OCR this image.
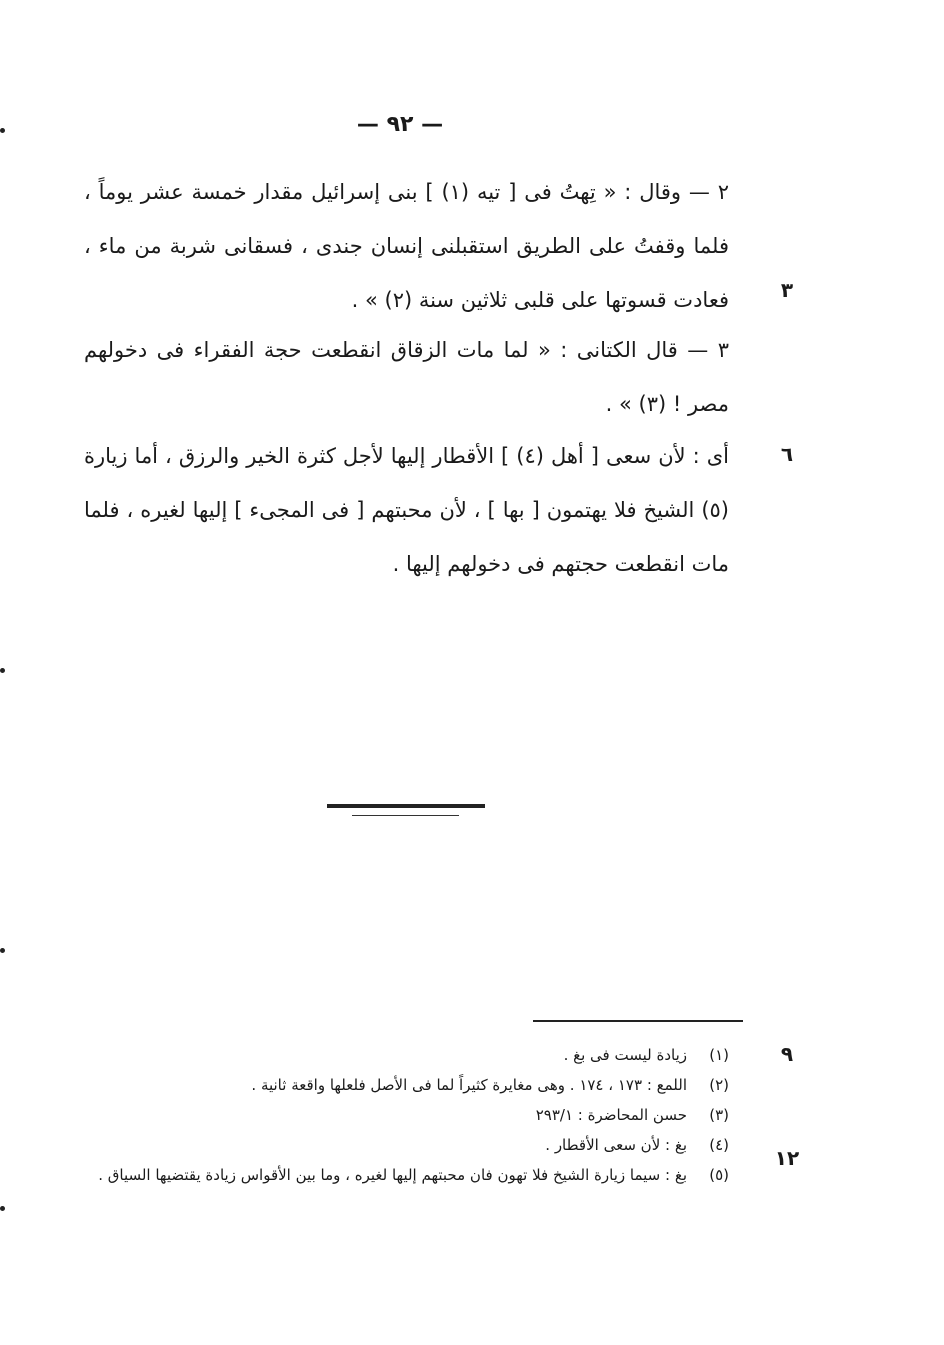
— ٩٢ —
٢ — وقال : « تِهتُ فى [ تيه (١) ] بنى إسرائيل مقدار خمسة عشر يوماً ، فلما وقفتُ على الطريق استقبلنى إنسان جندى ، فسقانى شربة من ماء ، فعادت قسوتها على قلبى ثلاثين سنة (٢) » .
٣ — قال الكتانى : « لما مات الزقاق انقطعت حجة الفقراء فى دخولهم مصر ! (٣) » .
أى : لأن سعى [ أهل (٤) ] الأقطار إليها لأجل كثرة الخير والرزق ، أما زيارة (٥) الشيخ فلا يهتمون [ بها ] ، لأن محبتهم [ فى المجىء ] إليها لغيره ، فلما مات انقطعت حجتهم فى دخولهم إليها .
٣
٦
٩
١٢
(١)
زيادة ليست فى بغ .
(٢)
اللمع : ١٧٣ ، ١٧٤ . وهى مغايرة كثيراً لما فى الأصل فلعلها واقعة ثانية .
(٣)
حسن المحاضرة : ٢٩٣/١
(٤)
بغ : لأن سعى الأقطار .
(٥)
بغ : سيما زيارة الشيخ فلا تهون فان محبتهم إليها لغيره ، وما بين الأقواس زيادة يقتضيها السياق .
